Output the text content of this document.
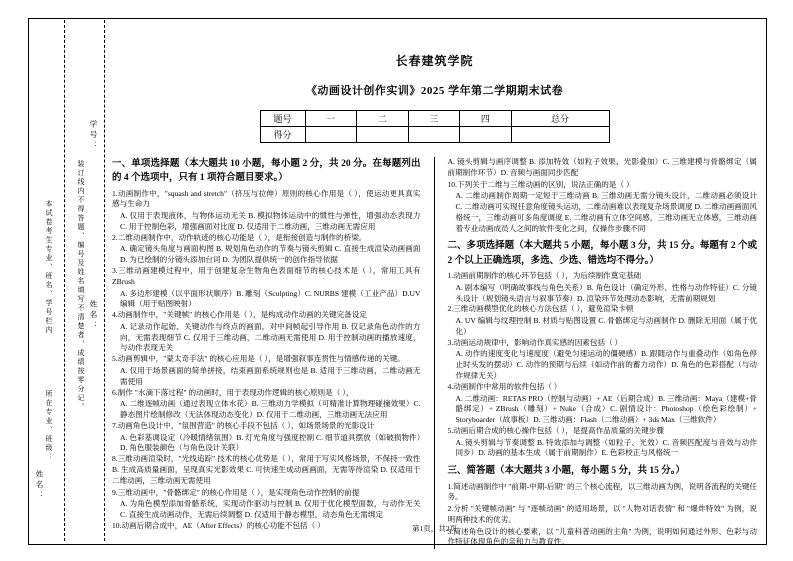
学号：
姓名：
装订线内不得答题、编号及姓名填写不清楚者，成绩按零分记。
所在专业、班级：
本试卷考生专业、班名、学号栏内
姓名：
长春建筑学院
《动画设计创作实训》2025 学年第二学期期末试卷
题号	一	二	三	四	总分
得分					
一、单项选择题（本大题共 10 小题，每小题 2 分，共 20 分。在每题列出的 4 个选项中，只有 1 项符合题目要求。）
1.动画制作中，"squash and stretch"（挤压与拉伸）原则的核心作用是（ ），使运动更具真实感与生命力
A. 仅用于表现液体，与物体运动无关 B. 模拟物体运动中的惯性与弹性，增强动态表现力 C. 用于控制色彩，增强画面对比度 D. 仅适用于二维动画，三维动画无需应用
2.二维动画制作中，动作轨迹的核心功能是（ ），是衔接创造与制作的桥梁。
A. 确定镜头角度与画面构图 B. 规划角色动作的节奏与镜头剪辑 C. 直接生成渲染动画画面 D. 为已绘制的分镜头添加台词 D. 为团队提供统一的创作指导依据
3.三维动画建模过程中，用于创建复杂生物角色表面细节的核心技术是（ ），常用工具有 ZBrush
A. 多边形建模（以平面形状顺序）B. 雕刻（Sculpting）C. NURBS 建模（工业产品）D.UV 编辑（用于贴图映射）
4.动画制作中，"关键帧" 的核心作用是（ ），是构成动作动画的关键完备设定
A. 记录动作起始、关键动作与终点的画面，对中间帧起引导作用 B. 仅记录角色动作的方向，无需表现细节 C. 仅用于三维动画，二维动画无需使用 D. 用于控制动画的播放速度，与动作表现无关
5.动画剪辑中，"蒙太奇手法" 的核心应用是（ ），是增强叙事连贯性与情感传递的关键。
A. 仅用于场景画面的简单拼接，结束画面系统规则也是 B. 适用于三维动画，二维动画无需使用
6.制作 "水滴下落过程" 的动画时，用于表现动作逻辑的核心原则是（ ），
A. 二维逐帧动画（通过表现立体水花）B. 三维动力学模拟（可精准计算物理碰撞效果）C. 静态图片绘制修改（无法体现动态变化）D. 仅用于二维动画，三维动画无法应用
7.动画角色设计中，"氛围营造" 的核心手段不包括（ ），如场景场景的光影设计
A. 色彩基调设定（冷暖情绪氛围）B. 灯光角度与强度控制 C. 细节道具摆放（如破损物件）D. 角色服装颜色（与角色设计关联）
8.三维动画渲染时，"光线追踪" 技术的核心优势是（ ），常用于写实风格场景，不保持一致性 B. 生成高质量画面，呈现真实光影效果 C. 可快速生成动画画面，无需等待渲染 D. 仅适用于二维动画，三维动画无需使用
9.三维动画中，"骨骼绑定" 的核心作用是（ ），是实现角色动作控制的前提
A. 为角色模型添加骨骼系统，实现动作驱动与控制 B. 仅用于优化模型面数，与动作无关 C. 直接生成动画动作，无需后续调整 D. 仅适用于静态模型，动态角色无需绑定
10.动画后期合成中，AE（After Effects）的核心功能不包括（ ）
A. 镜头剪辑与画序调整 B. 添加特效（如粒子效果、光影叠加）C. 三维建模与骨骼绑定（属前期制作环节）D. 音频与画面同步匹配
10.下列关于二维与三维动画的区别，说法正确的是（ ）
A. 二维动画制作周期一定短于三维动画 B. 三维动画无需分镜头设计，二维动画必须设计 C. 二维动画可实现任意角度镜头运动，二维动画难以表现复杂场景调度 D. 二维动画画面风格统一，三维动画可多角度调度 E. 二维动画有立体空间感，三维动画无立体感，三维动画着专业动画成员人之间的软件变化之间，仅操作步骤不同
二、多项选择题（本大题共 5 小题，每小题 3 分，共 15 分。每题有 2 个或 2 个以上正确选项，多选、少选、错选均不得分。）
1.动画前期制作的核心环节包括（ ），为后续制作奠定基础
A. 剧本编写（明确故事线与角色关系）B. 角色设计（确定外形、性格与动作特征）C. 分镜头设计（规划镜头语言与叙事节奏）D. 渲染环节处理动态影响，无需前期规划
2.三维动画模型优化的核心方法包括（ ），避免渲染卡顿
A. UV 编辑与纹理控制 B. 材质与贴图设置 C. 骨骼绑定与动画制作 D. 删除无用面（属于优化）
3.动画运动规律中，影响动作真实感的因素包括（ ）
A. 动作的速度变化与速度度（避免匀速运动的僵硬感）B. 跟随动作与重叠动作（如角色停止时头发的摆动）C. 动作的预期与后续（如动作前的蓄力动作）D. 角色的色彩搭配（与动作规律无关）
4.动画制作中常用的软件包括（ ）
A. 二维动画：RETAS PRO（控制与动画）+ AE（后期合成）B. 三维动画：Maya（建模+骨骼绑定）+ ZBrush（雕刻）+ Nuke（合成）C. 剧情设计：Photoshop（绘色彩绘制）+ Storyboarder（故事板）D. 三维动画：Flash（二维动画）+ 3ds Max（三维软件）
5.动画后期合成的核心操作包括（ ），是提高作品质量的关键步骤
A. 镜头剪辑与节奏调整 B. 特效添加与调整（如粒子、光效）C. 音频匹配度与音效与动作同步）D. 动画的基本生成（属于前期制作）E. 色彩校正与风格统一
三、简答题（本大题共 3 小题，每小题 5 分，共 15 分。）
1.简述动画制作中 "前期-中期-后期" 的三个核心流程，以三维动画为例，说明各流程的关键任务。
2.分析 "关键帧动画" 与 "逐帧动画" 的适用场景，以 "人物对话表情" 和 "爆炸特效" 为例，说明两种技术的优劣。
3.简述角色设计的核心要素，以 "儿童科普动画的主角" 为例，说明如何通过外形、色彩与动作特征体现角色的亲和力与教育性。
第1页，共2页
